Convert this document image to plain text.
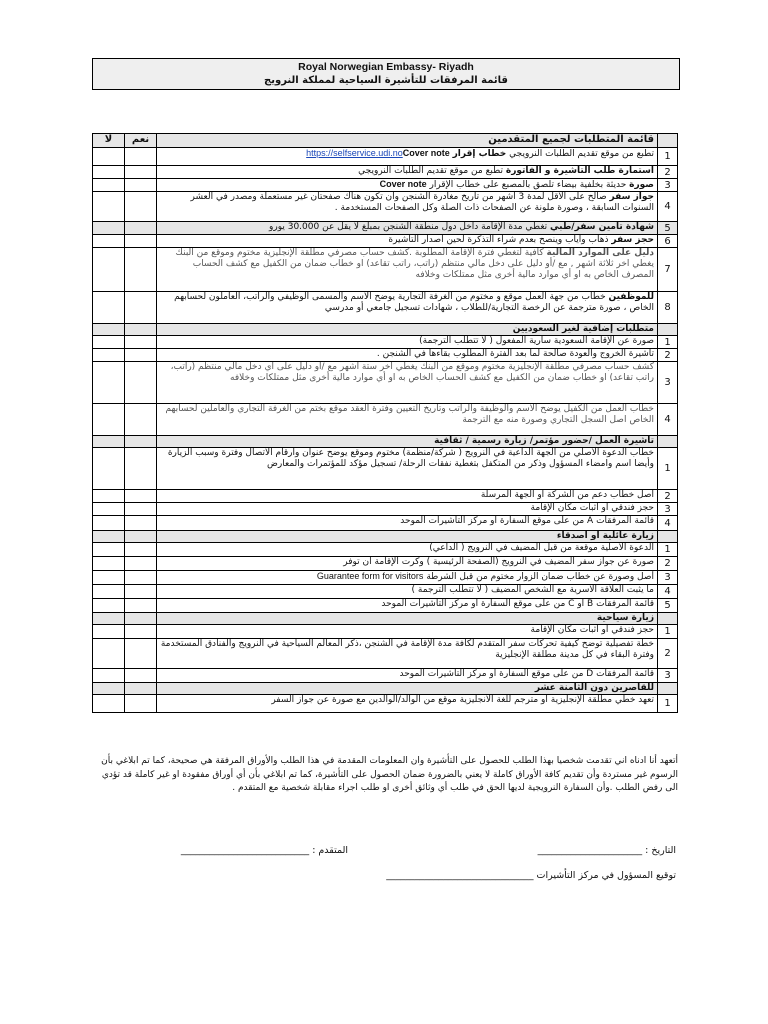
Royal Norwegian Embassy- Riyadh
قائمة المرفقات للتأشيرة السياحية لمملكة النرويج
لا	نعم	قائمة المتطلبات لجميع المتقدمين	
		تطبع من موقع تقديم الطلبات النرويجي خطاب إقرار https://selfservice.udi.noCover note	1
		استمارة طلب التأشيرة و الفاتورة تطبع من موقع تقديم الطلبات النرويجي	2
		صورة حديثة بخلفية بيضاء تلصق بالمصبع على خطاب الإقرار Cover note	3
		جواز سفر صالح على الأقل لمدة 3 اشهر من تاريخ مغادرة الشنجن وأن تكون هناك صفحتان غير مستعملة ومصدر في العشر السنوات السابقة ، وصورة ملونة عن الصفحات ذات الصلة وكل الصفحات المستخدمة .	4
		شهادة تأمين سفر/طبي تغطي مدة الإقامة داخل دول منطقة الشنجن بمبلغ لا يقل عن 30.000 يورو	5
		حجز سفر ذهاب واياب وينصح بعدم شراء التذكرة لحين اصدار التأشيرة	6
		دليل على الموارد المالية كافية لتغطي فترة الإقامة المطلوبة .كشف حساب مصرفي مطلقة الإنجليزية مختوم وموقع من البنك يغطي اخر ثلاثة اشهر , مع /أو دليل على دخل مالي منتظم (راتب، راتب تقاعد) او خطاب ضمان من الكفيل مع كشف الحساب المصرف الخاص به او أي موارد مالية أخرى مثل ممتلكات وخلافه	7
		للموظفين خطاب من جهة العمل موقع و مختوم من الغرفة التجارية يوضح الاسم والمسمى الوظيفي والراتب، العاملون لحسابهم الخاص ، صورة مترجمة عن الرخصة التجارية/للطلاب ، شهادات تسجيل جامعي أو مدرسي	8
		متطلبات إضافية لغير السعوديين	
		صورة عن الإقامة السعودية سارية المفعول ( لا تتطلب الترجمة)	1
		تأشيرة الخروج والعودة صالحة لما بعد الفترة المطلوب بقاءها في الشنجن .	2
		كشف حساب مصرفي مطلقة الإنجليزية مختوم وموقع من البنك يغطي اخر ستة اشهر مع /أو دليل على أي دخل مالي منتظم (راتب، راتب تقاعد) او خطاب ضمان من الكفيل مع كشف الحساب الخاص به او أي موارد مالية أخرى مثل ممتلكات وخلافه	3
		خطاب العمل من الكفيل يوضح الاسم والوظيفة والراتب وتاريخ التعيين وفترة العقد موقع بختم من الغرفة التجاري والعاملين لحسابهم الخاص اصل السجل التجاري وصورة منه مع الترجمة	4
		تأشيرة العمل /حضور مؤتمر/ زيارة رسمية / ثقافية	
		خطاب الدعوة الأصلي من الجهة الداعية في النرويج ( شركة/منظمة) مختوم وموقع يوضح عنوان وأرقام الاتصال وفترة وسبب الزيارة وأيضا اسم وامضاء المسؤول وذكر من المتكفل بتغطية نفقات الرحلة/ تسجيل مؤكد للمؤتمرات والمعارض	1
		أصل خطاب دعم من الشركة او الجهة المرسلة	2
		حجز فندقي او اثبات مكان الإقامة	3
		قائمة المرفقات A من على موقع السفارة او مركز التأشيرات الموحد	4
		زيارة عائلية او اصدقاء	
		الدعوة الأصلية موقعة من قبل المضيف في النرويج ( الداعي)	1
		صورة عن جواز سفر المضيف في النرويج (الصفحة الرئيسية ) وكرت الإقامة ان توفر	2
		أصل وصورة عن خطاب ضمان الزوار مختوم من قبل الشرطة Guarantee form for visitors	3
		ما يثبت العلاقة الاسرية مع الشخص المضيف ( لا تتطلب الترجمة )	4
		قائمة المرفقات B أو C من على موقع السفارة او مركز التأشيرات الموحد	5
		زيارة سياحية	
		حجز فندقي او اثبات مكان الإقامة	1
		خطة تفصيلية توضح كيفية تحركات سفر المتقدم لكافة مدة الإقامة في الشنجن ،ذكر المعالم السياحية في النرويج والفنادق المستخدمة وفترة البقاء في كل مدينة مطلقة الإنجليزية	2
		قائمة المرفقات D من على موقع السفارة او مركز التأشيرات الموحد	3
		للقاصرين دون الثامنة عشر	
		تعهد خطي مطلقة الإنجليزية او مترجم للغة الانجليزية موقع من الوالد/الوالدين مع صورة عن جواز السفر	1
أتعهد أنا ادناه اني تقدمت شخصيا بهذا الطلب للحصول على التأشيرة وان المعلومات المقدمة في هذا الطلب والأوراق المرفقة هي صحيحة، كما تم ابلاغي بأن الرسوم غير مستردة وأن تقديم كافة الأوراق كاملة لا يعني بالضرورة ضمان الحصول على التأشيرة، كما تم ابلاغي بأن أي أوراق مفقودة او غير كاملة قد تؤدي الى رفض الطلب .وأن السفارة النرويجية لديها الحق في طلب أي وثائق أخرى او طلب اجراء مقابلة شخصية مع المتقدم .
التاريخ : ______________________
المتقدم : ___________________________
توقيع المسؤول في مركز التأشيرات _______________________________
